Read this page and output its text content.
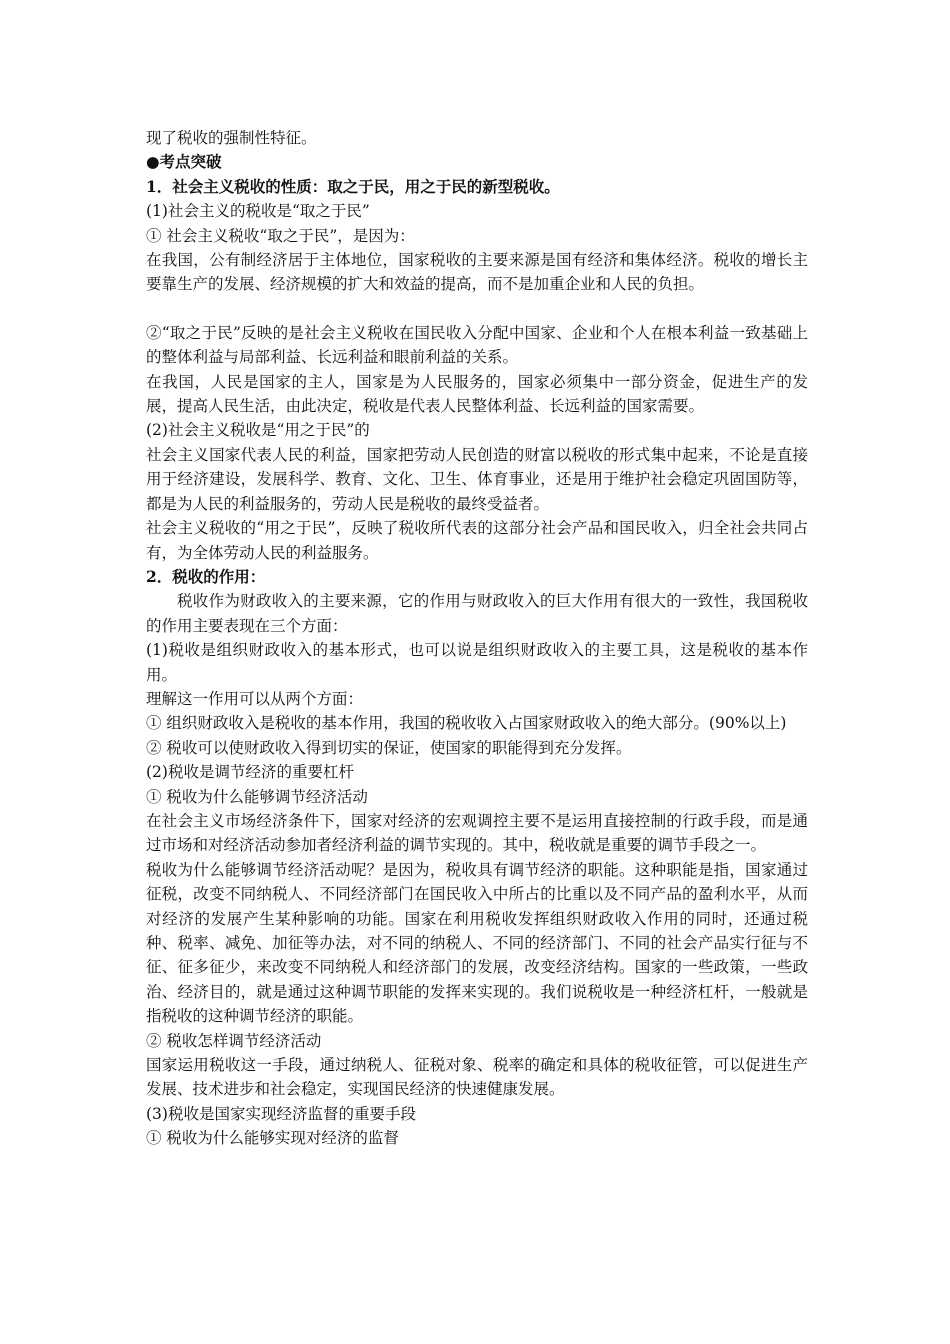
现了税收的强制性特征。

●考点突破

1．社会主义税收的性质：取之于民，用之于民的新型税收。

(1)社会主义的税收是“取之于民”

① 社会主义税收“取之于民”，是因为：

在我国，公有制经济居于主体地位，国家税收的主要来源是国有经济和集体经济。税收的增长主要靠生产的发展、经济规模的扩大和效益的提高，而不是加重企业和人民的负担。

②“取之于民”反映的是社会主义税收在国民收入分配中国家、企业和个人在根本利益一致基础上的整体利益与局部利益、长远利益和眼前利益的关系。

在我国，人民是国家的主人，国家是为人民服务的，国家必须集中一部分资金，促进生产的发展，提高人民生活，由此决定，税收是代表人民整体利益、长远利益的国家需要。

(2)社会主义税收是“用之于民”的

社会主义国家代表人民的利益，国家把劳动人民创造的财富以税收的形式集中起来，不论是直接用于经济建设，发展科学、教育、文化、卫生、体育事业，还是用于维护社会稳定巩固国防等，都是为人民的利益服务的，劳动人民是税收的最终受益者。

社会主义税收的“用之于民”，反映了税收所代表的这部分社会产品和国民收入，归全社会共同占有，为全体劳动人民的利益服务。

2．税收的作用：

税收作为财政收入的主要来源，它的作用与财政收入的巨大作用有很大的一致性，我国税收的作用主要表现在三个方面：

(1)税收是组织财政收入的基本形式，也可以说是组织财政收入的主要工具，这是税收的基本作用。

理解这一作用可以从两个方面：

① 组织财政收入是税收的基本作用，我国的税收收入占国家财政收入的绝大部分。(90%以上)

② 税收可以使财政收入得到切实的保证，使国家的职能得到充分发挥。

(2)税收是调节经济的重要杠杆

① 税收为什么能够调节经济活动

在社会主义市场经济条件下，国家对经济的宏观调控主要不是运用直接控制的行政手段，而是通过市场和对经济活动参加者经济利益的调节实现的。其中，税收就是重要的调节手段之一。

税收为什么能够调节经济活动呢？是因为，税收具有调节经济的职能。这种职能是指，国家通过征税，改变不同纳税人、不同经济部门在国民收入中所占的比重以及不同产品的盈利水平，从而对经济的发展产生某种影响的功能。国家在利用税收发挥组织财政收入作用的同时，还通过税种、税率、减免、加征等办法，对不同的纳税人、不同的经济部门、不同的社会产品实行征与不征、征多征少，来改变不同纳税人和经济部门的发展，改变经济结构。国家的一些政策，一些政治、经济目的，就是通过这种调节职能的发挥来实现的。我们说税收是一种经济杠杆，一般就是指税收的这种调节经济的职能。

② 税收怎样调节经济活动

国家运用税收这一手段，通过纳税人、征税对象、税率的确定和具体的税收征管，可以促进生产发展、技术进步和社会稳定，实现国民经济的快速健康发展。

(3)税收是国家实现经济监督的重要手段

① 税收为什么能够实现对经济的监督
